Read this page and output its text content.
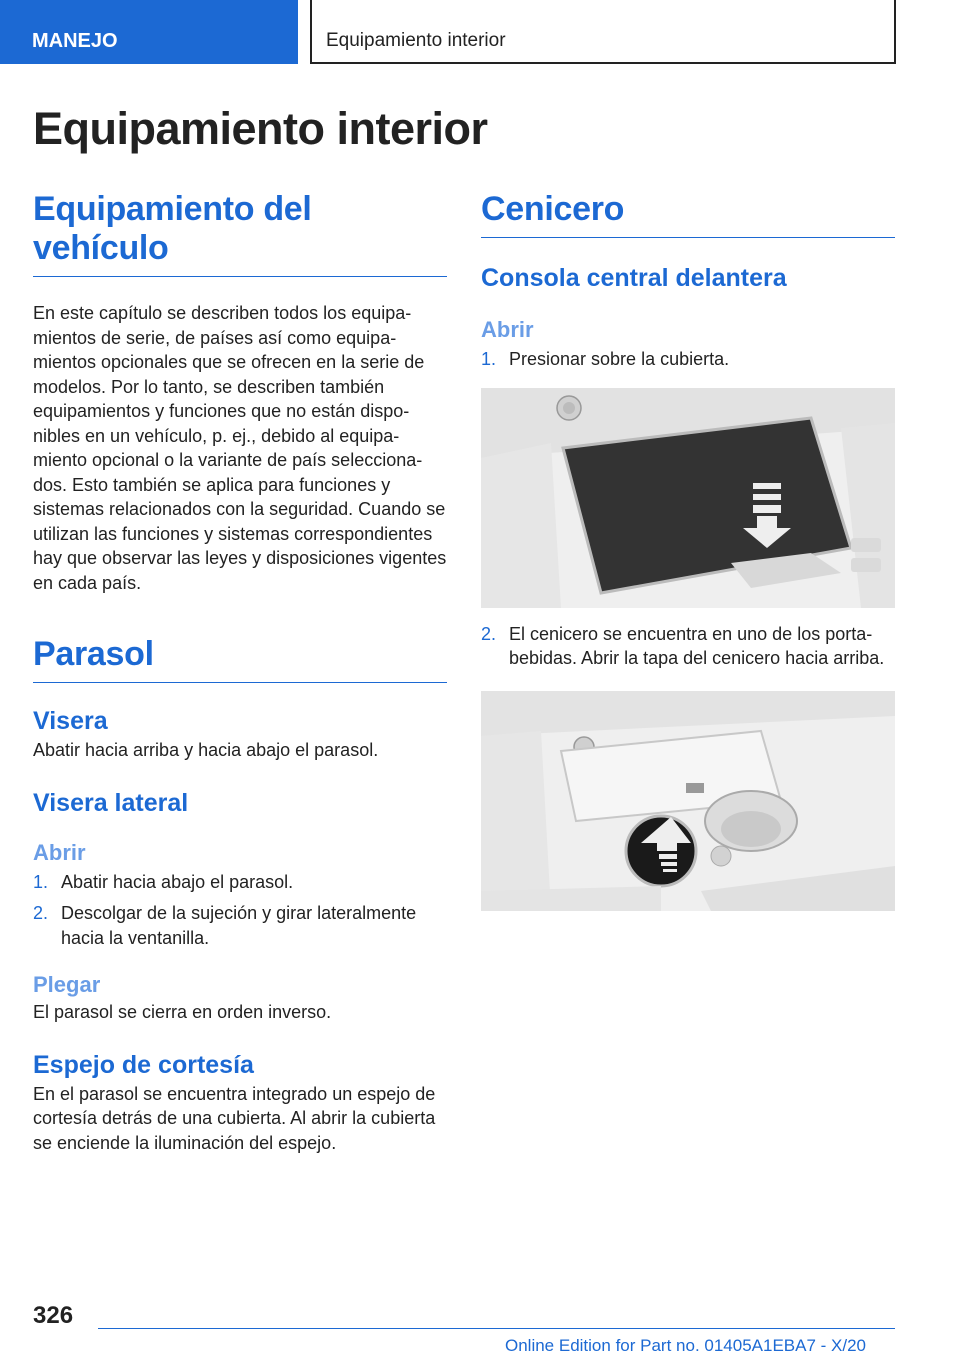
MANEJO	Equipamiento interior
Equipamiento interior
Equipamiento del vehículo

En este capítulo se describen todos los equipamientos de serie, de países así como equipamientos opcionales que se ofrecen en la serie de modelos. Por lo tanto, se describen también equipamientos y funciones que no están disponibles en un vehículo, p. ej., debido al equipamiento opcional o la variante de país seleccionados. Esto también se aplica para funciones y sistemas relacionados con la seguridad. Cuando se utilizan las funciones y sistemas correspondientes hay que observar las leyes y disposiciones vigentes en cada país.

Parasol
Visera

Abatir hacia arriba y hacia abajo el parasol.

Visera lateral
Abrir
1. Abatir hacia abajo el parasol.
2. Descolgar de la sujeción y girar lateralmente hacia la ventanilla.
Plegar

El parasol se cierra en orden inverso.

Espejo de cortesía

En el parasol se encuentra integrado un espejo de cortesía detrás de una cubierta. Al abrir la cubierta se enciende la iluminación del espejo.

Cenicero
Consola central delantera
Abrir
1. Presionar sobre la cubierta.
2. El cenicero se encuentra en uno de los portabebidas. Abrir la tapa del cenicero hacia arriba.
326
Online Edition for Part no. 01405A1EBA7 - X/20
